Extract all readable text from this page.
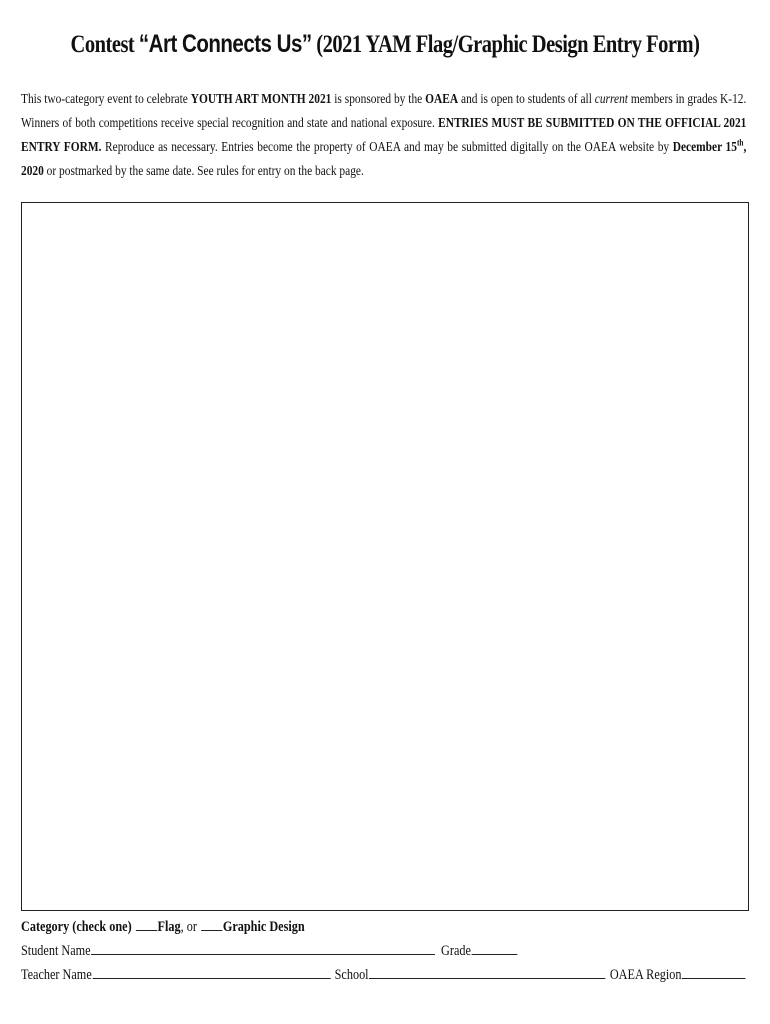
Contest “Art Connects Us” (2021 YAM Flag/Graphic Design Entry Form)
This two-category event to celebrate YOUTH ART MONTH 2021 is sponsored by the OAEA and is open to students of all current members in grades K-12. Winners of both competitions receive special recognition and state and national exposure. ENTRIES MUST BE SUBMITTED ON THE OFFICIAL 2021 ENTRY FORM. Reproduce as necessary. Entries become the property of OAEA and may be submitted digitally on the OAEA website by December 15th, 2020 or postmarked by the same date. See rules for entry on the back page.
Category (check one) Flag, or Graphic Design
Student Name	Grade
Teacher Name	School	OAEA Region
